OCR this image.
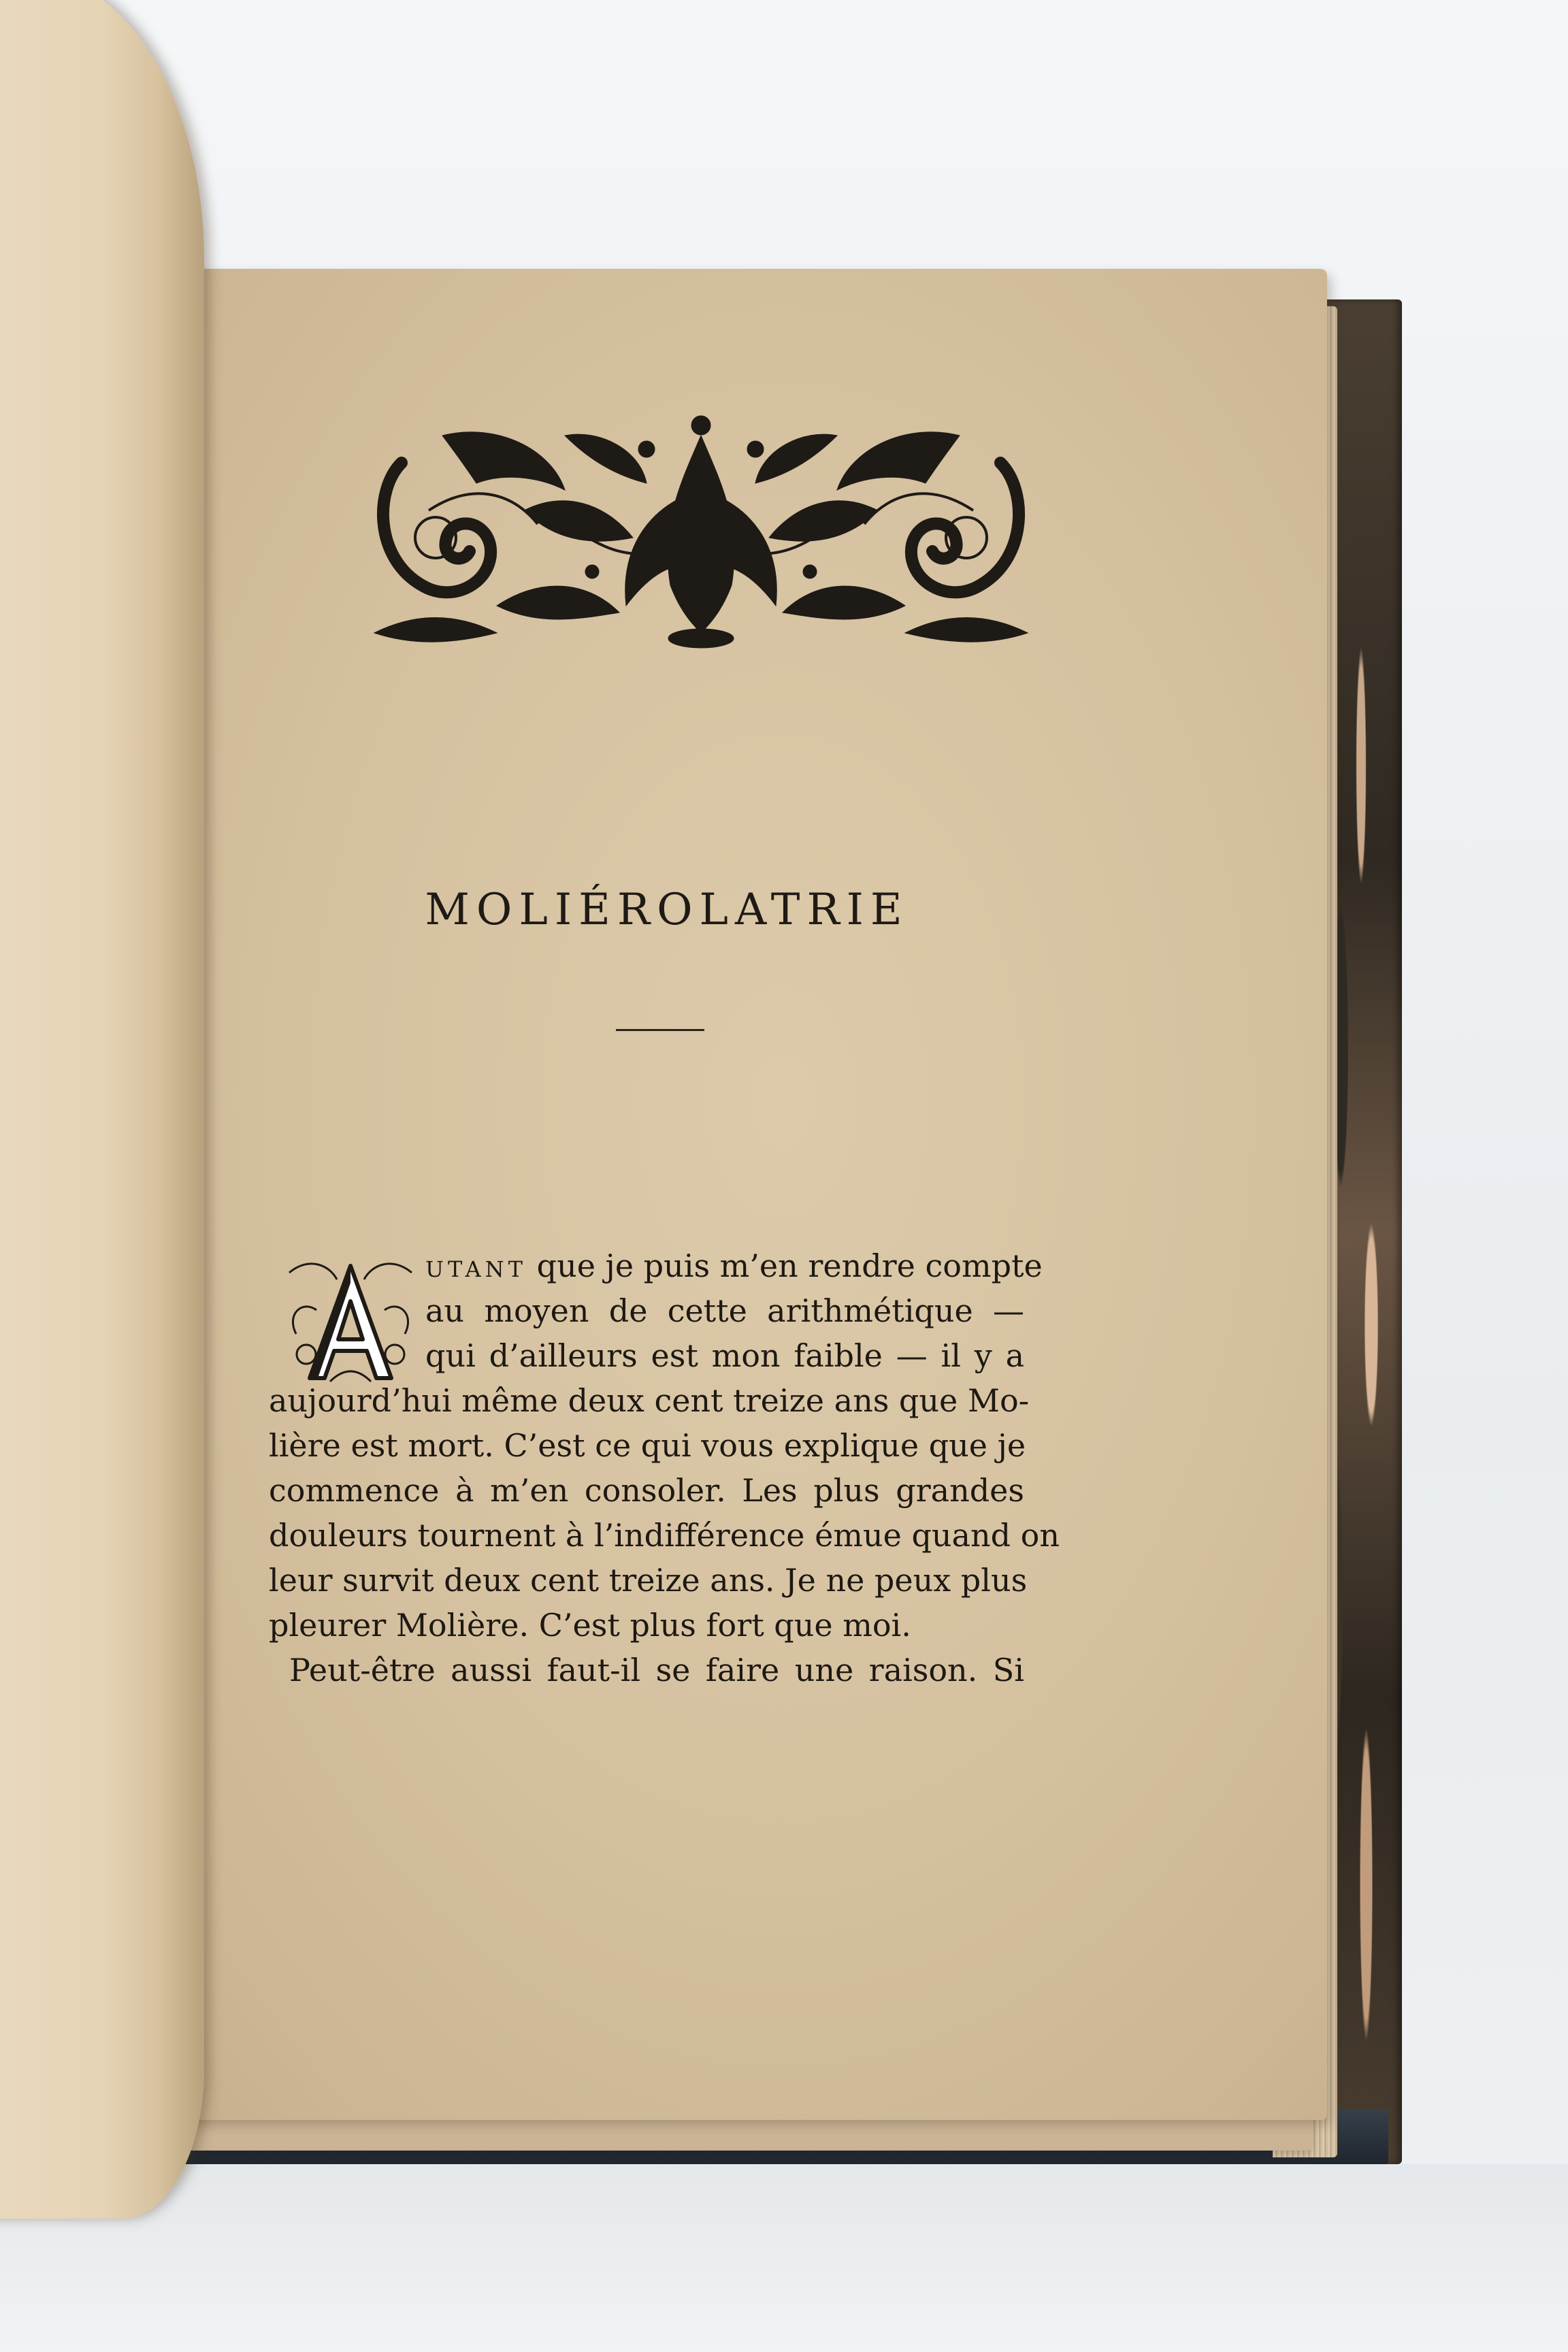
MOLIÉROLATRIE
A
UTANT que je puis m’en rendre compte
au moyen de cette arithmétique —
qui d’ailleurs est mon faible — il y a
aujourd’hui même deux cent treize ans que Mo-
lière est mort. C’est ce qui vous explique que je
commence à m’en consoler. Les plus grandes
douleurs tournent à l’indifférence émue quand on
leur survit deux cent treize ans. Je ne peux plus
pleurer Molière. C’est plus fort que moi.
Peut-être aussi faut-il se faire une raison. Si
